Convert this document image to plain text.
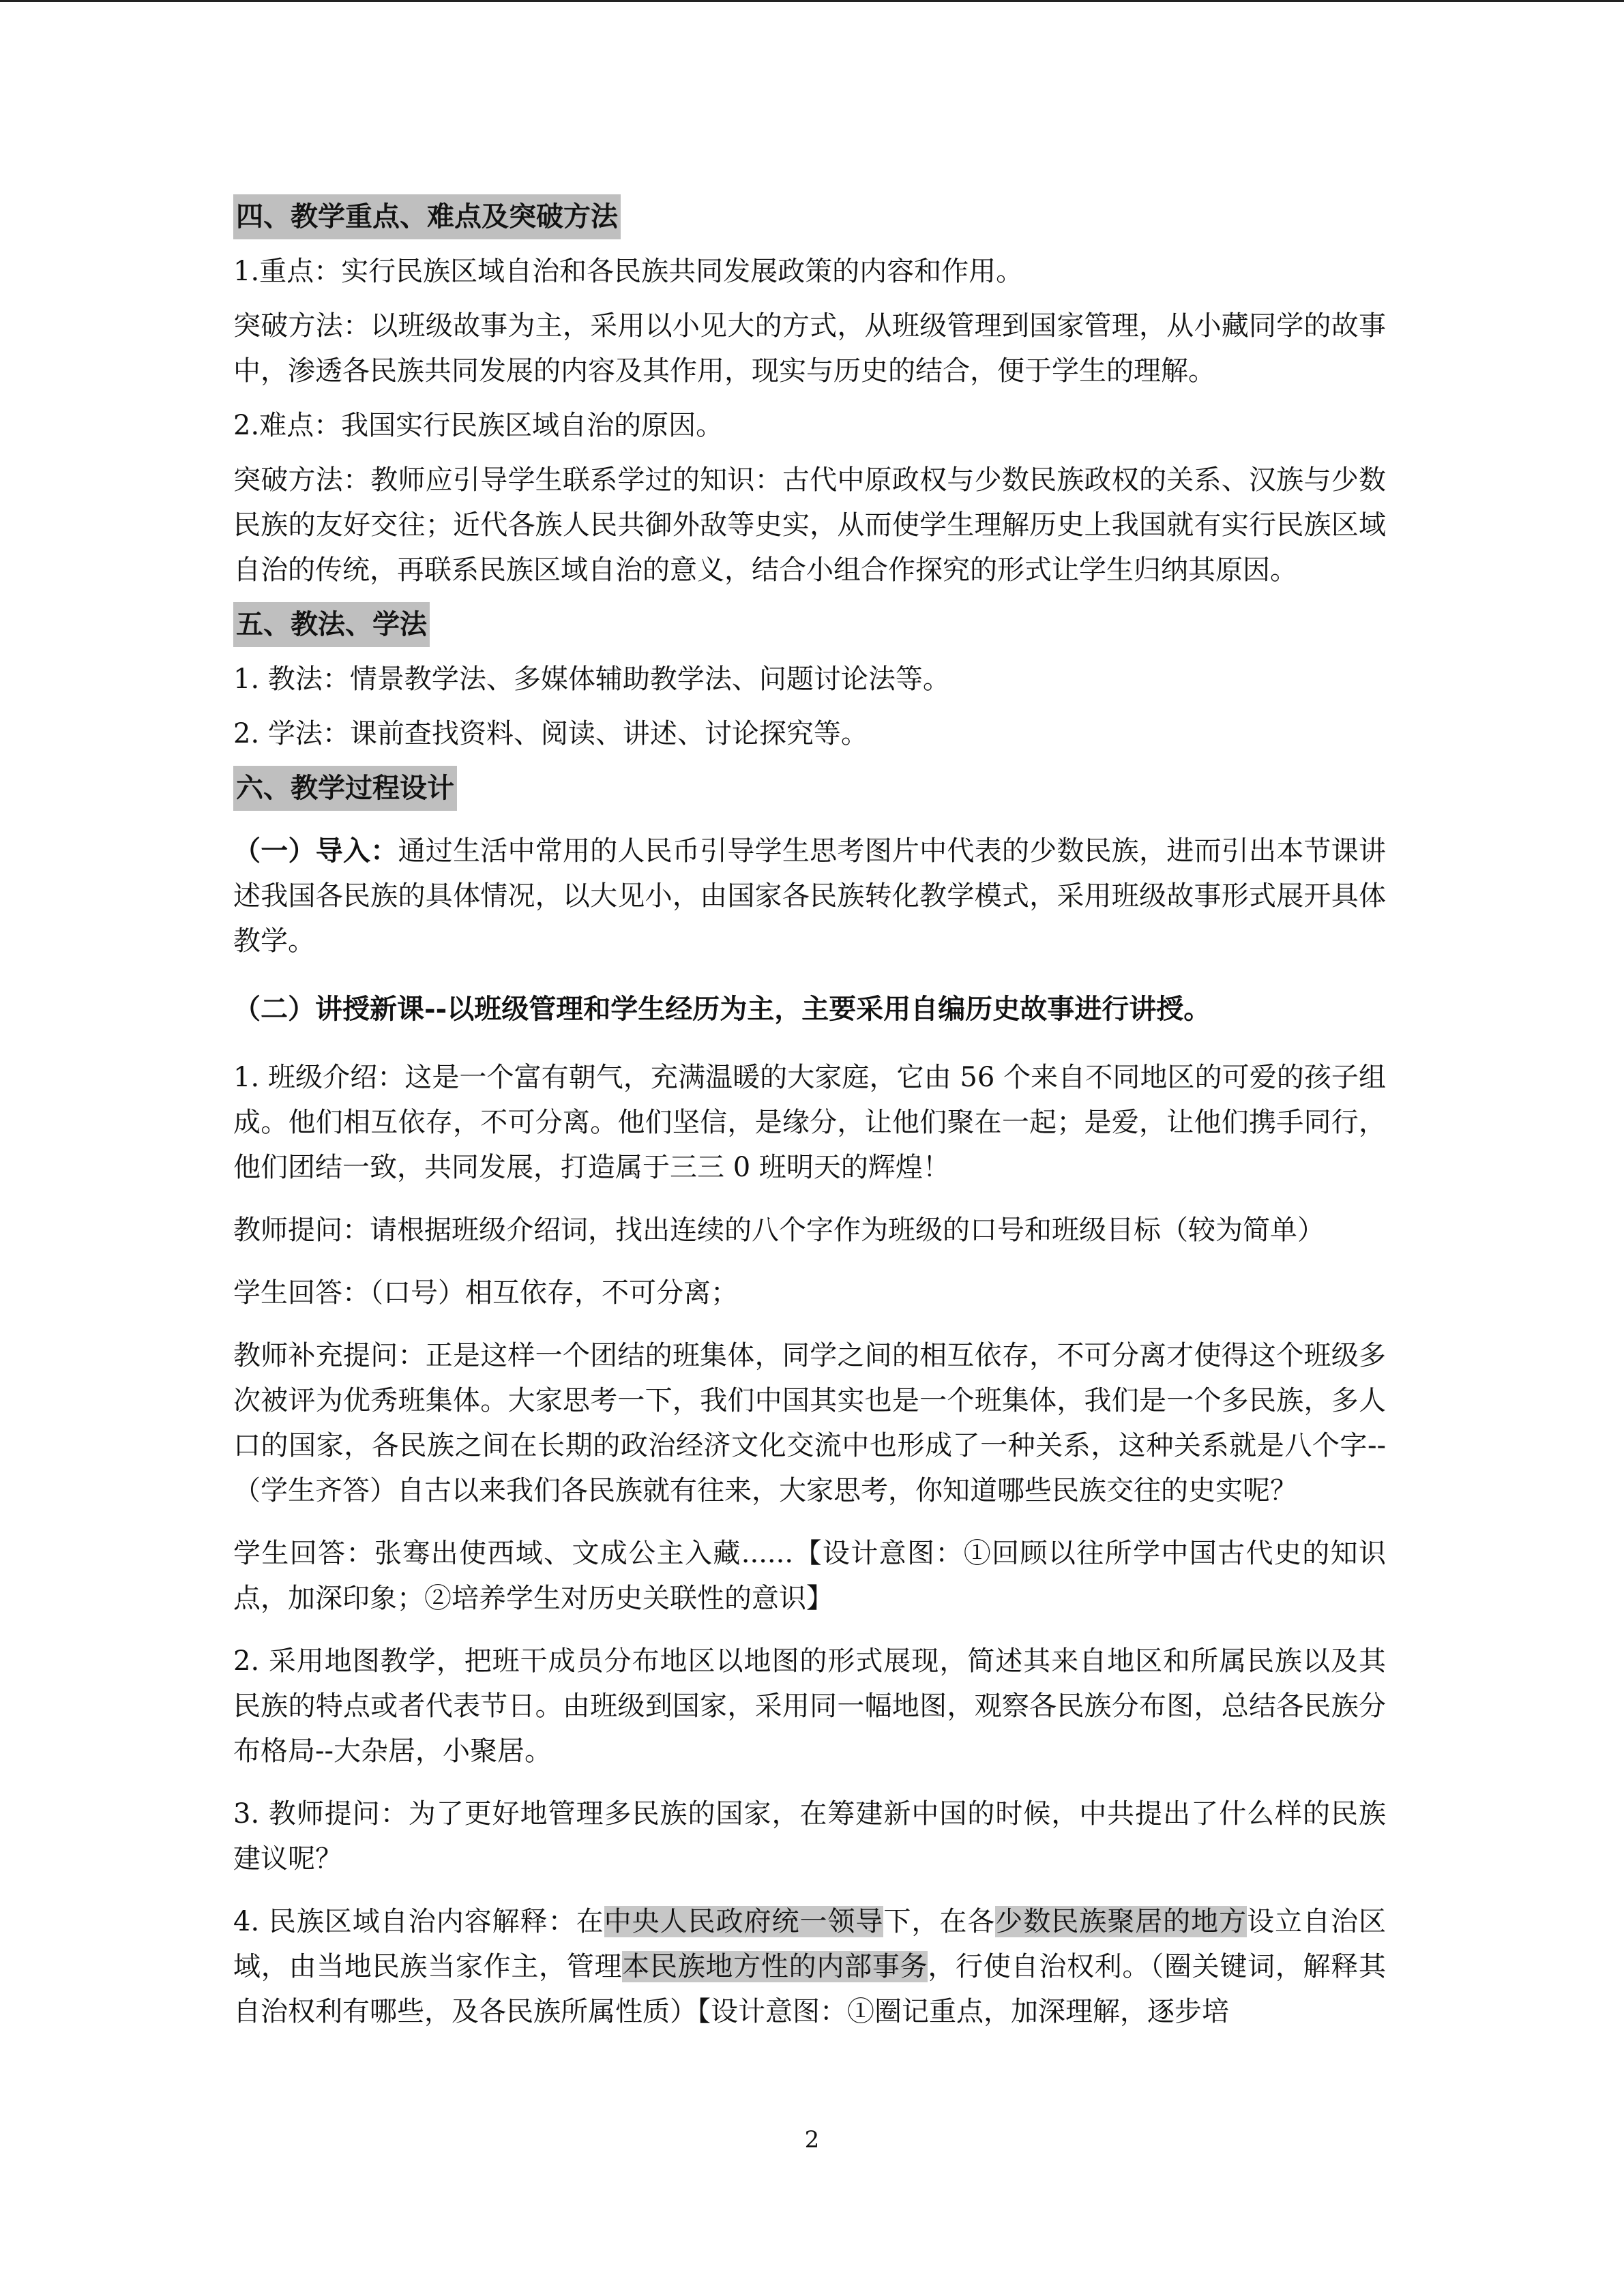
四、教学重点、难点及突破方法

1.重点：实行民族区域自治和各民族共同发展政策的内容和作用。

突破方法：以班级故事为主，采用以小见大的方式，从班级管理到国家管理，从小藏同学的故事中，渗透各民族共同发展的内容及其作用，现实与历史的结合，便于学生的理解。

2.难点：我国实行民族区域自治的原因。

突破方法：教师应引导学生联系学过的知识：古代中原政权与少数民族政权的关系、汉族与少数民族的友好交往；近代各族人民共御外敌等史实，从而使学生理解历史上我国就有实行民族区域自治的传统，再联系民族区域自治的意义，结合小组合作探究的形式让学生归纳其原因。

五、教法、学法

1. 教法：情景教学法、多媒体辅助教学法、问题讨论法等。

2. 学法：课前查找资料、阅读、讲述、讨论探究等。

六、教学过程设计

（一）导入：通过生活中常用的人民币引导学生思考图片中代表的少数民族，进而引出本节课讲述我国各民族的具体情况，以大见小，由国家各民族转化教学模式，采用班级故事形式展开具体教学。

（二）讲授新课--以班级管理和学生经历为主，主要采用自编历史故事进行讲授。

1. 班级介绍：这是一个富有朝气，充满温暖的大家庭，它由 56 个来自不同地区的可爱的孩子组成。他们相互依存，不可分离。他们坚信，是缘分，让他们聚在一起；是爱，让他们携手同行，他们团结一致，共同发展，打造属于三三 0 班明天的辉煌！

教师提问：请根据班级介绍词，找出连续的八个字作为班级的口号和班级目标（较为简单）

学生回答：（口号）相互依存，不可分离；

教师补充提问：正是这样一个团结的班集体，同学之间的相互依存，不可分离才使得这个班级多次被评为优秀班集体。大家思考一下，我们中国其实也是一个班集体，我们是一个多民族，多人口的国家，各民族之间在长期的政治经济文化交流中也形成了一种关系，这种关系就是八个字--（学生齐答）自古以来我们各民族就有往来，大家思考，你知道哪些民族交往的史实呢？

学生回答：张骞出使西域、文成公主入藏......【设计意图：①回顾以往所学中国古代史的知识点，加深印象；②培养学生对历史关联性的意识】

2. 采用地图教学，把班干成员分布地区以地图的形式展现，简述其来自地区和所属民族以及其民族的特点或者代表节日。由班级到国家，采用同一幅地图，观察各民族分布图，总结各民族分布格局--大杂居，小聚居。

3. 教师提问：为了更好地管理多民族的国家，在筹建新中国的时候，中共提出了什么样的民族建议呢？

4. 民族区域自治内容解释：在中央人民政府统一领导下，在各少数民族聚居的地方设立自治区域，由当地民族当家作主，管理本民族地方性的内部事务，行使自治权利。（圈关键词，解释其自治权利有哪些，及各民族所属性质）【设计意图：①圈记重点，加深理解，逐步培

2
